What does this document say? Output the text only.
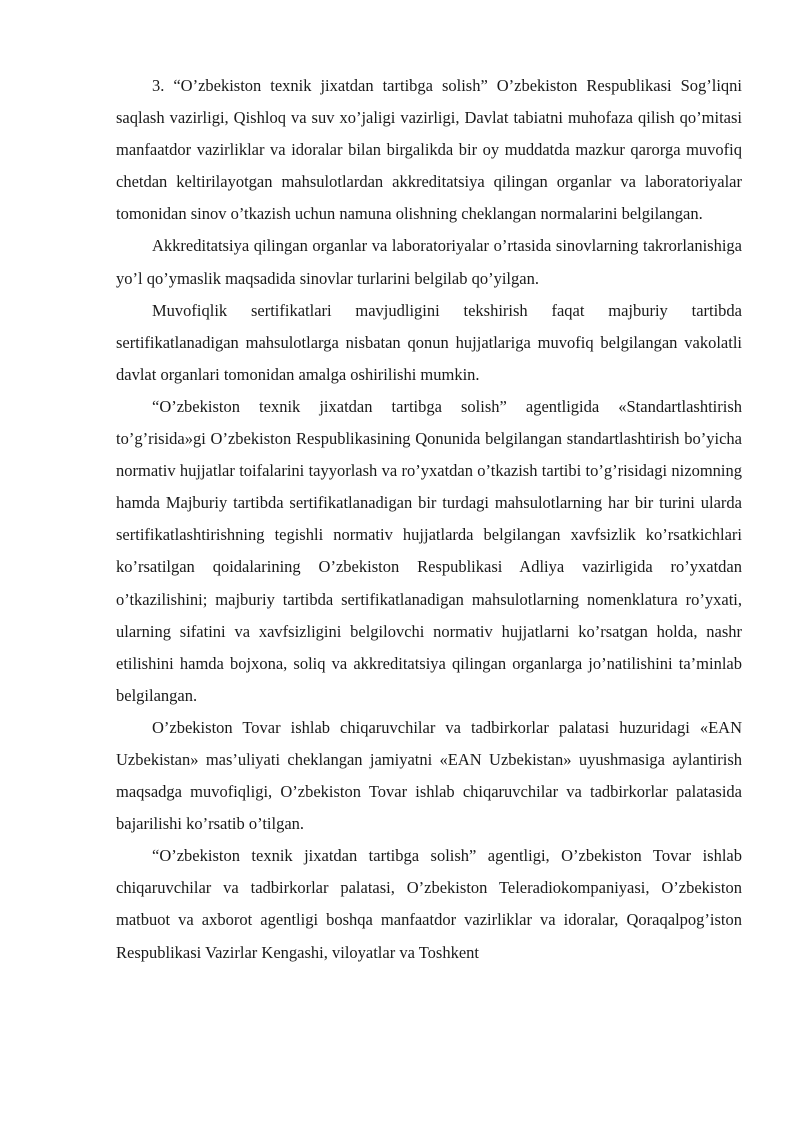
3. “O’zbekiston texnik jixatdan tartibga solish” O’zbekiston Respublikasi Sog’liqni saqlash vazirligi, Qishloq va suv xo’jaligi vazirligi, Davlat tabiatni muhofaza qilish qo’mitasi manfaatdor vazirliklar va idoralar bilan birgalikda bir oy muddatda mazkur qarorga muvofiq chetdan keltirilayotgan mahsulotlardan akkreditatsiya qilingan organlar va laboratoriyalar tomonidan sinov o’tkazish uchun namuna olishning cheklangan normalarini belgilangan.

Akkreditatsiya qilingan organlar va laboratoriyalar o’rtasida sinovlarning takrorlanishiga yo’l qo’ymaslik maqsadida sinovlar turlarini belgilab qo’yilgan.

Muvofiqlik sertifikatlari mavjudligini tekshirish faqat majburiy tartibda sertifikatlanadigan mahsulotlarga nisbatan qonun hujjatlariga muvofiq belgilangan vakolatli davlat organlari tomonidan amalga oshirilishi mumkin.

“O’zbekiston texnik jixatdan tartibga solish” agentligida «Standartlashtirish to’g’risida»gi O’zbekiston Respublikasining Qonunida belgilangan standartlashtirish bo’yicha normativ hujjatlar toifalarini tayyorlash va ro’yxatdan o’tkazish tartibi to’g’risidagi nizomning hamda Majburiy tartibda sertifikatlanadigan bir turdagi mahsulotlarning har bir turini ularda sertifikatlashtirishning tegishli normativ hujjatlarda belgilangan xavfsizlik ko’rsatkichlari ko’rsatilgan qoidalarining O’zbekiston Respublikasi Adliya vazirligida ro’yxatdan o’tkazilishini; majburiy tartibda sertifikatlanadigan mahsulotlarning nomenklatura ro’yxati, ularning sifatini va xavfsizligini belgilovchi normativ hujjatlarni ko’rsatgan holda, nashr etilishini hamda bojxona, soliq va akkreditatsiya qilingan organlarga jo’natilishini ta’minlab belgilangan.

O’zbekiston Tovar ishlab chiqaruvchilar va tadbirkorlar palatasi huzuridagi «EAN Uzbekistan» mas’uliyati cheklangan jamiyatni «EAN Uzbekistan» uyushmasiga aylantirish maqsadga muvofiqligi, O’zbekiston Tovar ishlab chiqaruvchilar va tadbirkorlar palatasida bajarilishi ko’rsatib o’tilgan.

“O’zbekiston texnik jixatdan tartibga solish” agentligi, O’zbekiston Tovar ishlab chiqaruvchilar va tadbirkorlar palatasi, O’zbekiston Teleradiokompaniyasi, O’zbekiston matbuot va axborot agentligi boshqa manfaatdor vazirliklar va idoralar, Qoraqalpog’iston Respublikasi Vazirlar Kengashi, viloyatlar va Toshkent
